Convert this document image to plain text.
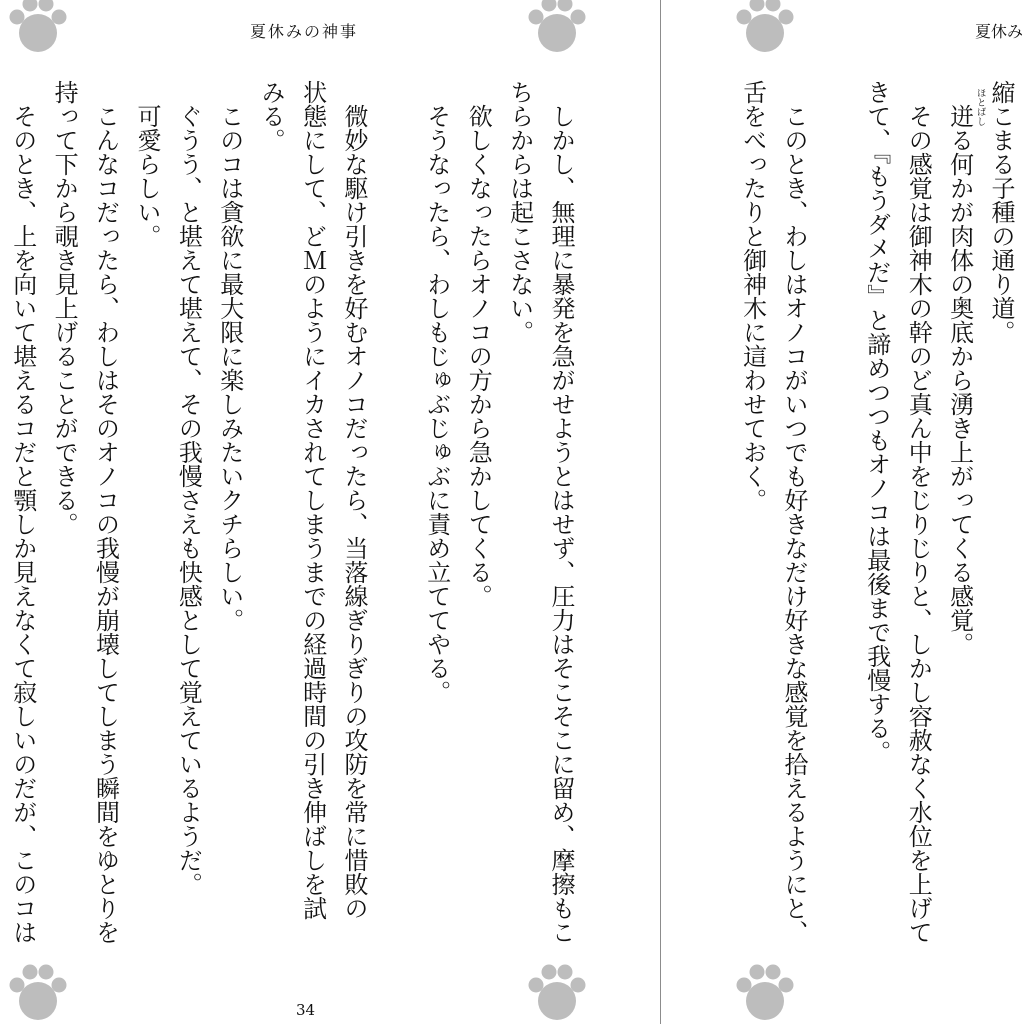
夏休みの神事
しかし、無理に暴発を急がせようとはせず、圧力はそこそこに留め、摩擦もこ
ちらからは起こさない。
欲しくなったらオノコの方から急かしてくる。
そうなったら、わしもじゅぶじゅぶに責め立ててやる。
微妙な駆け引きを好むオノコだったら、当落線ぎりぎりの攻防を常に惜敗の
状態にして、どＭのようにイカされてしまうまでの経過時間の引き伸ばしを試
みる。
このコは貪欲に最大限に楽しみたいクチらしい。
ぐうう、と堪えて堪えて、その我慢さえも快感として覚えているようだ。
可愛らしい。
こんなコだったら、わしはそのオノコの我慢が崩壊してしまう瞬間をゆとりを
持って下から覗き見上げることができる。
そのとき、上を向いて堪えるコだと顎しか見えなくて寂しいのだが、このコは
34
夏休み
縮こまる子種の通り道。
迸 ほとばし
る何かが肉体の奥底から湧き上がってくる感覚。
その感覚は御神木の幹のど真ん中をじりじりと、しかし容赦なく水位を上げて
きて、『もうダメだ』と諦めつつもオノコは最後まで我慢する。
このとき、わしはオノコがいつでも好きなだけ好きな感覚を拾えるようにと、
舌をべったりと御神木に這わせておく。
